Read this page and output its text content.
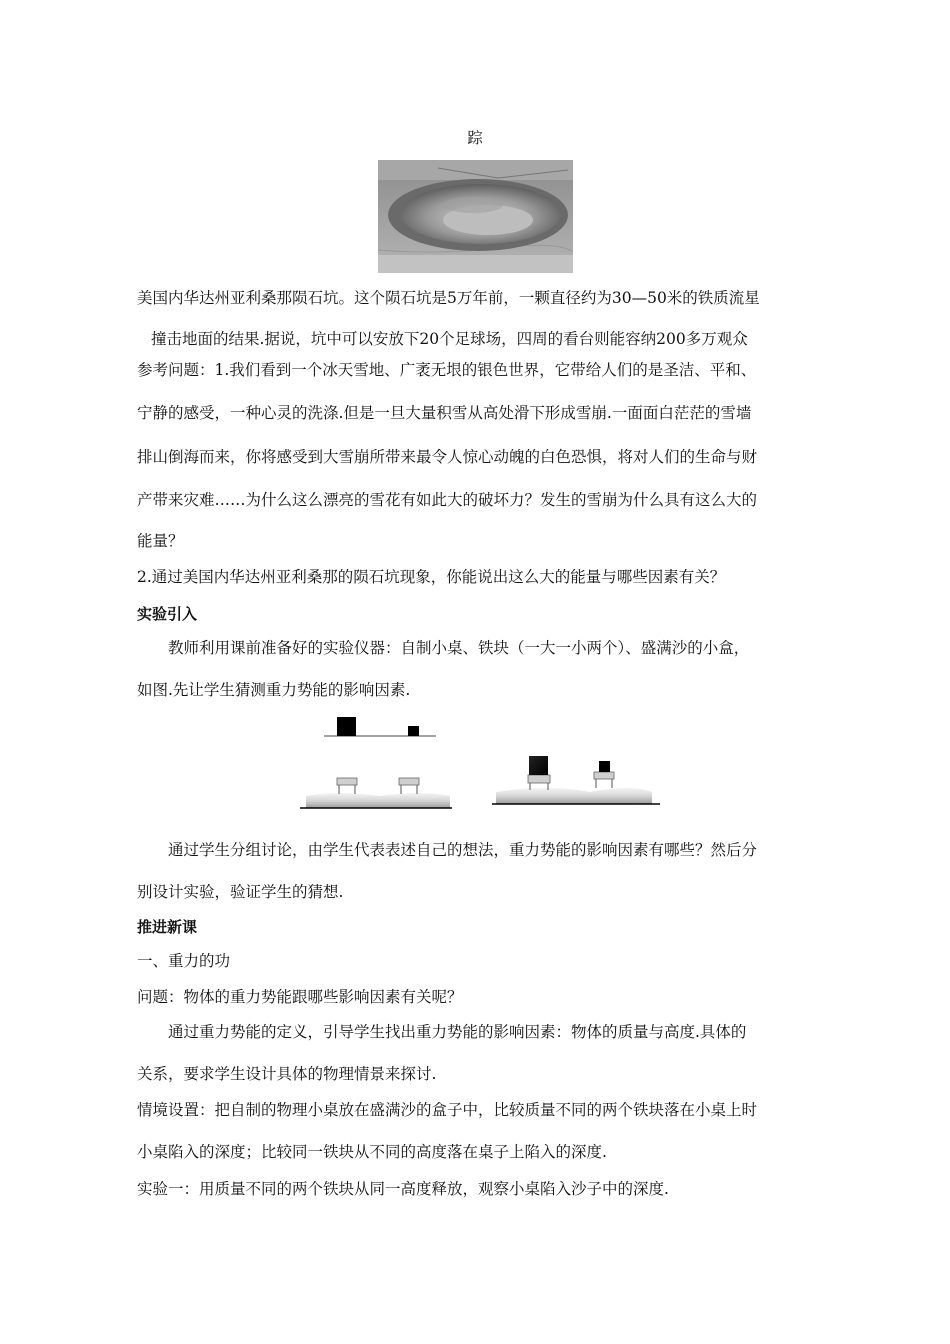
踪
美国内华达州亚利桑那陨石坑。这个陨石坑是5万年前，一颗直径约为30—50米的铁质流星
撞击地面的结果.据说，坑中可以安放下20个足球场，四周的看台则能容纳200多万观众
参考问题：1.我们看到一个冰天雪地、广袤无垠的银色世界，它带给人们的是圣洁、平和、
宁静的感受，一种心灵的洗涤.但是一旦大量积雪从高处滑下形成雪崩.一面面白茫茫的雪墙
排山倒海而来，你将感受到大雪崩所带来最令人惊心动魄的白色恐惧，将对人们的生命与财
产带来灾难……为什么这么漂亮的雪花有如此大的破坏力？发生的雪崩为什么具有这么大的
能量？
2.通过美国内华达州亚利桑那的陨石坑现象，你能说出这么大的能量与哪些因素有关？
实验引入
教师利用课前准备好的实验仪器：自制小桌、铁块（一大一小两个）、盛满沙的小盒，
如图.先让学生猜测重力势能的影响因素.
通过学生分组讨论，由学生代表表述自己的想法，重力势能的影响因素有哪些？然后分
别设计实验，验证学生的猜想.
推进新课
一、重力的功
问题：物体的重力势能跟哪些影响因素有关呢？
通过重力势能的定义，引导学生找出重力势能的影响因素：物体的质量与高度.具体的
关系，要求学生设计具体的物理情景来探讨.
情境设置：把自制的物理小桌放在盛满沙的盒子中，比较质量不同的两个铁块落在小桌上时
小桌陷入的深度；比较同一铁块从不同的高度落在桌子上陷入的深度.
实验一：用质量不同的两个铁块从同一高度释放，观察小桌陷入沙子中的深度.
